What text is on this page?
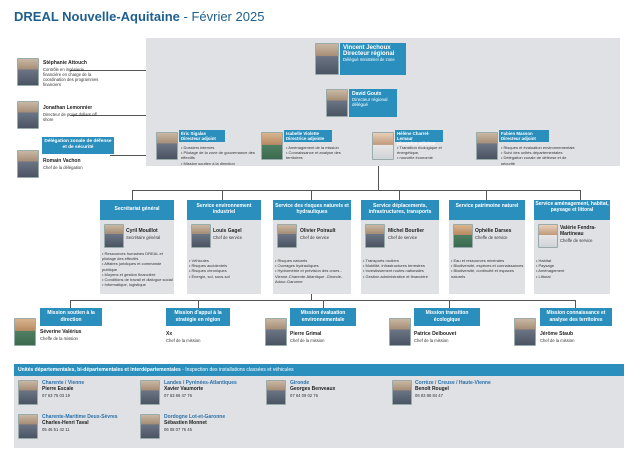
DREAL Nouvelle-Aquitaine - Février 2025
Stéphanie Attouch
Contrôle en ingénierie financière en charge de la coordination des programmes financiers
Jonathan Lemonnier
Directeur de projet dollars off shore
Délégation zonale de défense et de sécurité
Romain Vachon
Chef de la délégation
Vincent Jechoux
Directeur régional
Délégué ministériel de zone
David Goutx
Directeur régional délégué
Éric Sigalas
Directeur adjoint
• Dossiers internes
• Pilotage de la zone de gouvernance des effectifs
• Mission soutien à la direction
Isabelle Violette
Directrice adjointe
• Aménagement de la mission
• Connaissance et analyse des territoires
Hélène Charrel-Lemaur
Directrice adjointe
• Transition écologique et énergétique,
• nouvelle économie
Fabien Masson
Directeur adjoint
• Risques et évaluation environnementale
• Suivi des unités départementales
• Délégation zonale de défense et de sécurité
Secrétariat général
Cyril Mouillot
Secrétaire général
• Ressources humaines DREAL et pilotage des effectifs
• Affaires juridiques et commande publique
• Moyens et gestion financière
• Conditions de travail et dialogue social
• Informatique, logistique
Service environnement industriel
Louis Gagel
Chef de service
• Véhicules
• Risques accidentels
• Risques chroniques
• Énergie, sol, sous-sol
Service des risques naturels et hydrauliques
Olivier Poirault
Chef de service
• Risques naturels
• Ouvrages hydrauliques
• Hydrométrie et prévision des crues -Vienne-Charente-Atlantique -Gironde-Adour-Garonne
Service déplacements, infrastructures, transports
Michel Bourlier
Chef de service
• Transports routiers
• Mobilité, infrastructures terrestres
• Investissement routes nationales
• Gestion administrative et financière
Service patrimoine naturel
Ophélie Darses
Cheffe de service
• Eau et ressources minérales
• Biodiversité, espèces et connaissances
• Biodiversité, continuité et espaces naturels
Service aménagement, habitat, paysage et littoral
Valérie Fendra-Martineau
Cheffe de service
• Habitat
• Paysage
• Aménagement
• Littoral
Mission soutien à la direction
Séverine Valérius
Cheffe de la mission
Mission d'appui à la stratégie en région
Xx
Chef de la mission
Mission évaluation environnementale
Pierre Grimal
Chef de la mission
Mission transition écologique
Patrice Delbouvet
Chef de la mission
Mission connaissance et analyse des territoires
Jérôme Staub
Chef de la mission
Unités départementales, bi-départementales et interdépartementales - Inspection des installations classées et véhicules
Charente / Vienne
Pierre Escale
07 63 75 03 19
Landes / Pyrénées-Atlantiques
Xavier Vaumorte
07 63 86 47 76
Gironde
Georges Benveaux
07 64 09 02 76
Corrèze / Creuse / Haute-Vienne
Benoît Rougel
06 83 86 84 47
Charente-Maritime Deux-Sèvres
Charles-Henri Taval
05 46 51 42 11
Dordogne Lot-et-Garonne
Sébastien Monnet
06 08 07 76 45
